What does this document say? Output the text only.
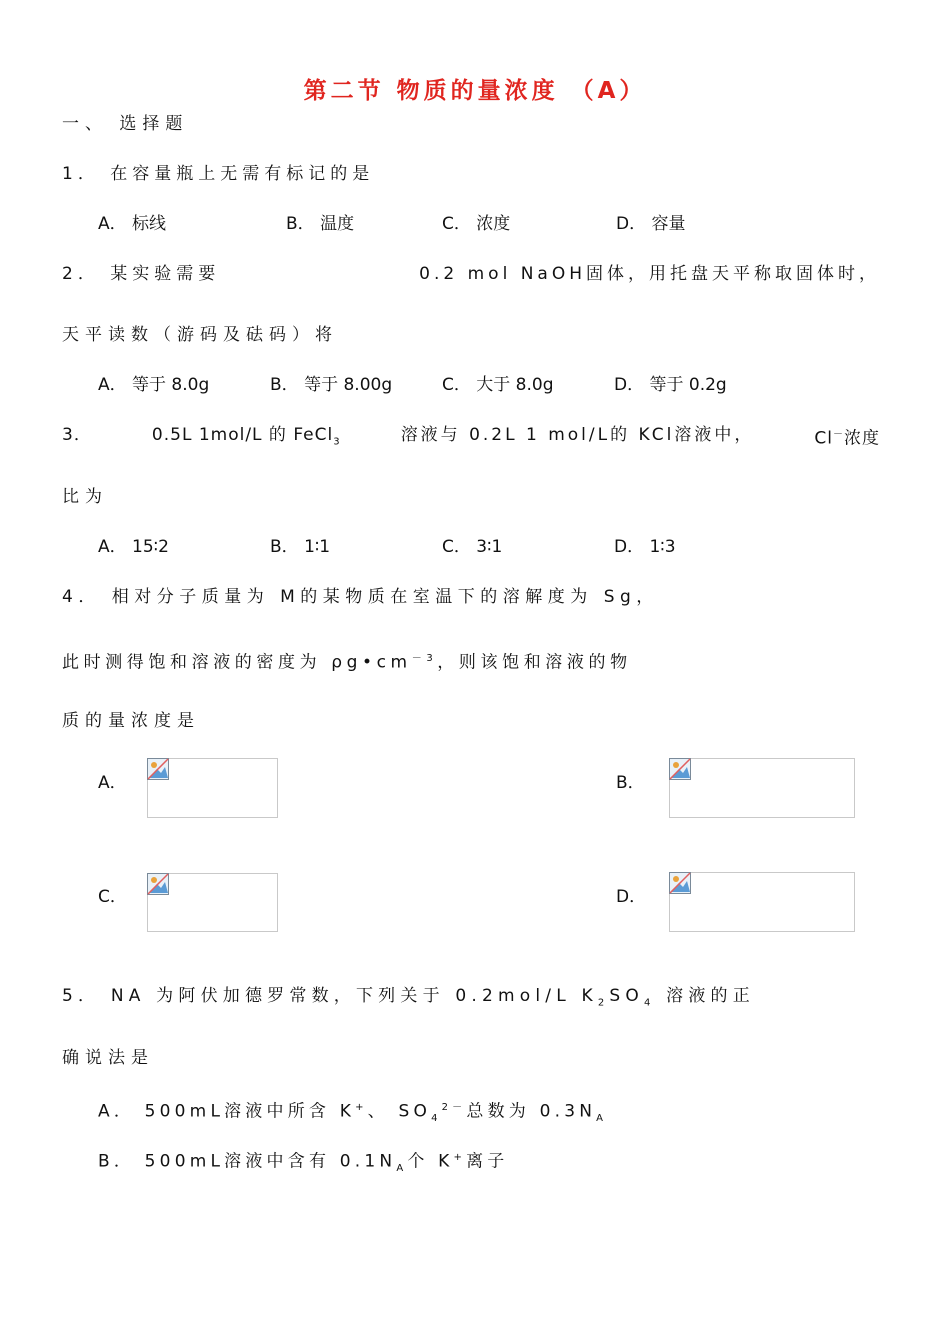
第二节 物质的量浓度 （A）
一、 选择题
1． 在容量瓶上无需有标记的是
A． 标线	B． 温度	C． 浓度	D． 容量
2． 某实验需要	0.2 mol NaOH固体，用托盘天平称取固体时，
天平读数（游码及砝码）将
A． 等于 8.0g	B． 等于 8.00g	C． 大于 8.0g	D． 等于 0.2g
3．	0.5L 1mol/L 的 FeCl$_3$	溶液与 0.2L 1 mol/L的 KCl溶液中，	Cl－浓度
比为
A． 15∶2	B． 1∶1	C． 3∶1	D． 1∶3
4． 相对分子质量为 M的某物质在室温下的溶解度为 Sg，
此时测得饱和溶液的密度为 $\rho g•cm^{-3}$，则该饱和溶液的物
质的量浓度是
A．	B．
C．	D．
5． NA 为阿伏加德罗常数，下列关于 0.2mol/L $K_2SO_4$ 溶液的正
确说法是
A． 500mL溶液中所含 K+、 $SO_4^{2-}$总数为 $0.3N_A$
B． 500mL溶液中含有 $0.1N_A$个 K+离子
